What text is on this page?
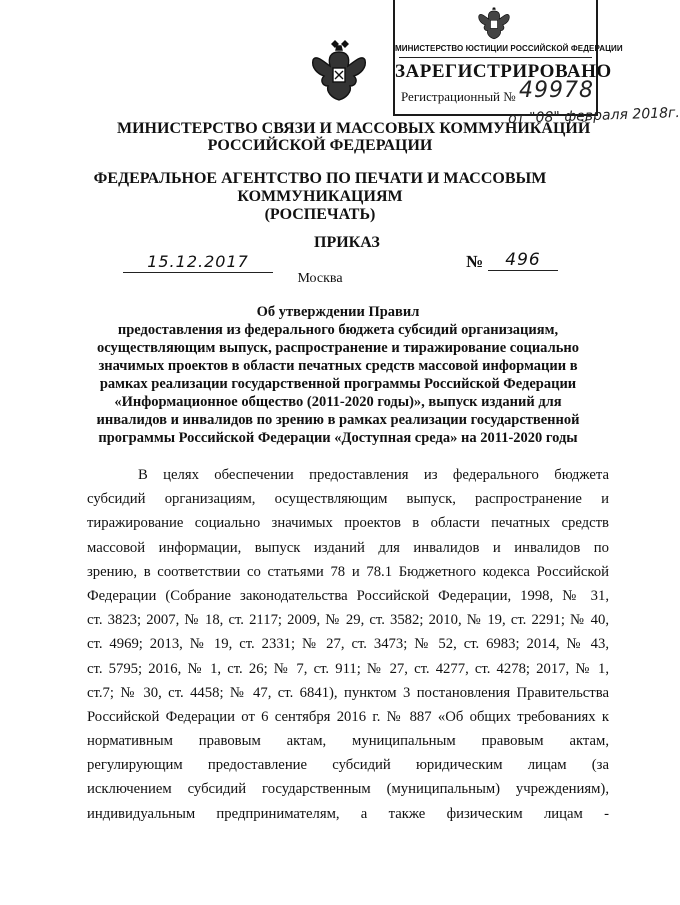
МИНИСТЕРСТВО ЮСТИЦИИ РОССИЙСКОЙ ФЕДЕРАЦИИ
ЗАРЕГИСТРИРОВАНО
Регистрационный № 49978
от "08" февраля 2018г.
МИНИСТЕРСТВО СВЯЗИ И МАССОВЫХ КОММУНИКАЦИЙ
РОССИЙСКОЙ ФЕДЕРАЦИИ
ФЕДЕРАЛЬНОЕ АГЕНТСТВО ПО ПЕЧАТИ И МАССОВЫМ
КОММУНИКАЦИЯМ
(РОСПЕЧАТЬ)
ПРИКАЗ
15.12.2017	№	496
Москва
Об утверждении Правил
предоставления из федерального бюджета субсидий организациям,
осуществляющим выпуск, распространение и тиражирование социально
значимых проектов в области печатных средств массовой информации в
рамках реализации государственной программы Российской Федерации
«Информационное общество (2011-2020 годы)», выпуск изданий для
инвалидов и инвалидов по зрению в рамках реализации государственной
программы Российской Федерации «Доступная среда» на 2011-2020 годы
В целях обеспечении предоставления из федерального бюджета
субсидий организациям, осуществляющим выпуск, распространение и
тиражирование социально значимых проектов в области печатных средств
массовой информации, выпуск изданий для инвалидов и инвалидов по
зрению, в соответствии со статьями 78 и 78.1 Бюджетного кодекса Российской
Федерации (Собрание законодательства Российской Федерации, 1998, № 31,
ст. 3823; 2007, № 18, ст. 2117; 2009, № 29, ст. 3582; 2010, № 19, ст. 2291; № 40,
ст. 4969; 2013, № 19, ст. 2331; № 27, ст. 3473; № 52, ст. 6983; 2014, № 43,
ст. 5795; 2016, № 1, ст. 26; № 7, ст. 911; № 27, ст. 4277, ст. 4278; 2017, № 1,
ст.7; № 30, ст. 4458; № 47, ст. 6841), пунктом 3 постановления Правительства
Российской Федерации от 6 сентября 2016 г. № 887 «Об общих требованиях к
нормативным правовым актам, муниципальным правовым актам,
регулирующим предоставление субсидий юридическим лицам (за
исключением субсидий государственным (муниципальным) учреждениям),
индивидуальным предпринимателям, а также физическим лицам -
